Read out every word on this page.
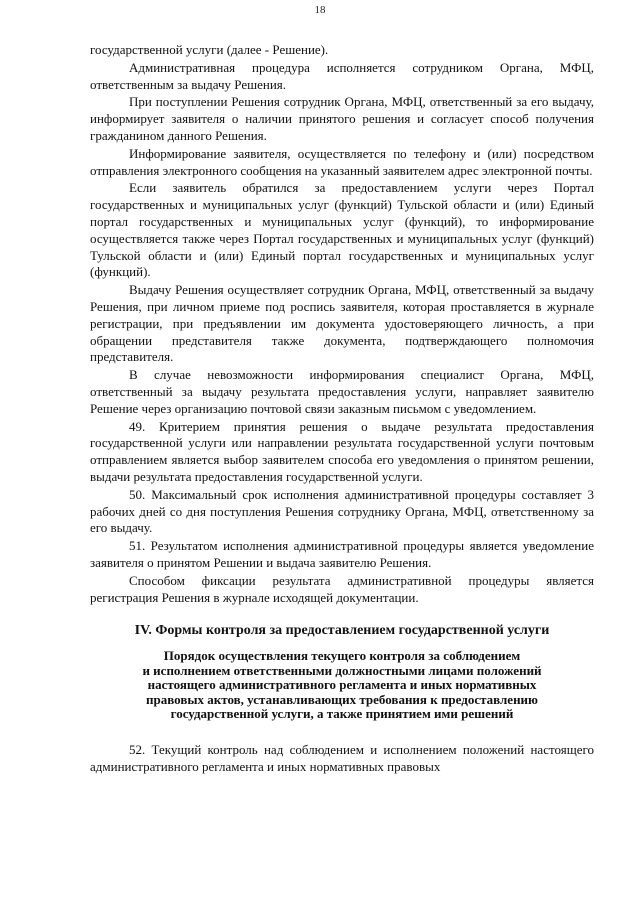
18

государственной услуги (далее - Решение).

Административная процедура исполняется сотрудником Органа, МФЦ, ответственным за выдачу Решения.

При поступлении Решения сотрудник Органа, МФЦ, ответственный за его выдачу, информирует заявителя о наличии принятого решения и согласует способ получения гражданином данного Решения.

Информирование заявителя, осуществляется по телефону и (или) посредством отправления электронного сообщения на указанный заявителем адрес электронной почты.

Если заявитель обратился за предоставлением услуги через Портал государственных и муниципальных услуг (функций) Тульской области и (или) Единый портал государственных и муниципальных услуг (функций), то информирование осуществляется также через Портал государственных и муниципальных услуг (функций) Тульской области и (или) Единый портал государственных и муниципальных услуг (функций).

Выдачу Решения осуществляет сотрудник Органа, МФЦ, ответственный за выдачу Решения, при личном приеме под роспись заявителя, которая проставляется в журнале регистрации, при предъявлении им документа удостоверяющего личность, а при обращении представителя также документа, подтверждающего полномочия представителя.

В случае невозможности информирования специалист Органа, МФЦ, ответственный за выдачу результата предоставления услуги, направляет заявителю Решение через организацию почтовой связи заказным письмом с уведомлением.

49. Критерием принятия решения о выдаче результата предоставления государственной услуги или направлении результата государственной услуги почтовым отправлением является выбор заявителем способа его уведомления о принятом решении, выдачи результата предоставления государственной услуги.

50. Максимальный срок исполнения административной процедуры составляет 3 рабочих дней со дня поступления Решения сотруднику Органа, МФЦ, ответственному за его выдачу.

51. Результатом исполнения административной процедуры является уведомление заявителя о принятом Решении и выдача заявителю Решения.

Способом фиксации результата административной процедуры является регистрация Решения в журнале исходящей документации.

IV. Формы контроля за предоставлением государственной услуги
Порядок осуществления текущего контроля за соблюдением
и исполнением ответственными должностными лицами положений
настоящего административного регламента и иных нормативных
правовых актов, устанавливающих требования к предоставлению
государственной услуги, а также принятием ими решений

52. Текущий контроль над соблюдением и исполнением положений настоящего административного регламента и иных нормативных правовых
